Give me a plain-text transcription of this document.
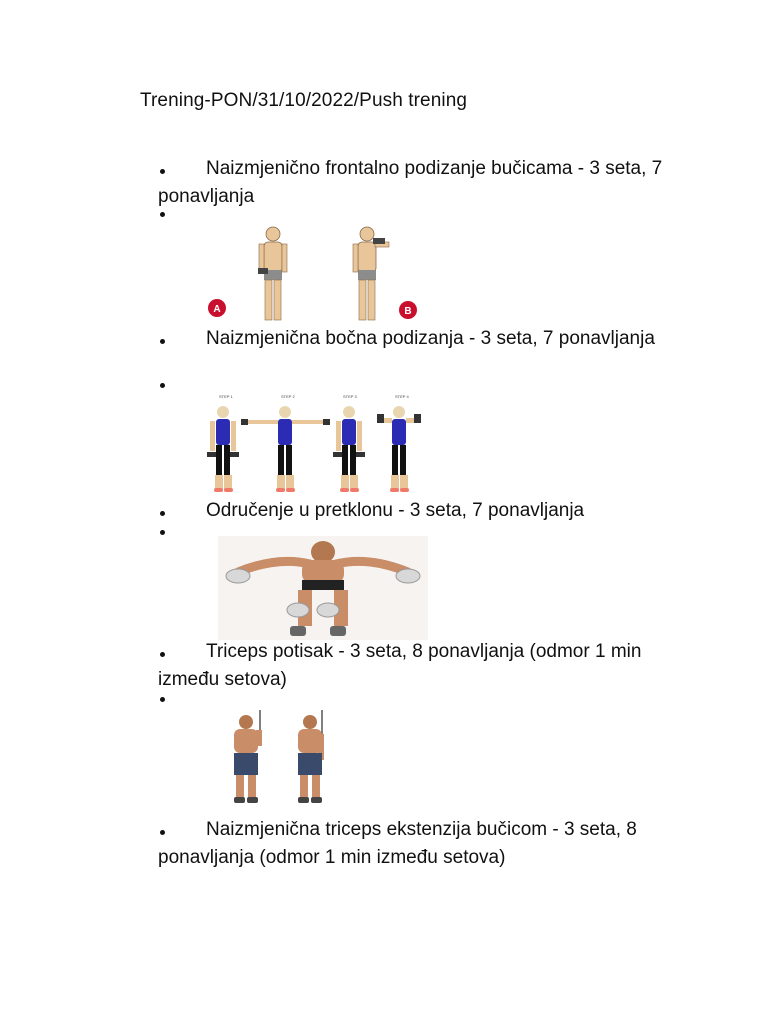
Trening-PON/31/10/2022/Push trening
Naizmjenično frontalno podizanje bučicama - 3 seta, 7 ponavljanja
A	B
Naizmjenična bočna podizanja - 3 seta, 7 ponavljanja
STEP 1	STEP 2	STEP 3	STEP 4
Odručenje u pretklonu - 3 seta, 7 ponavljanja
Triceps potisak - 3 seta, 8 ponavljanja (odmor 1 min između setova)
Naizmjenična triceps ekstenzija bučicom - 3 seta, 8 ponavljanja (odmor 1 min između setova)
